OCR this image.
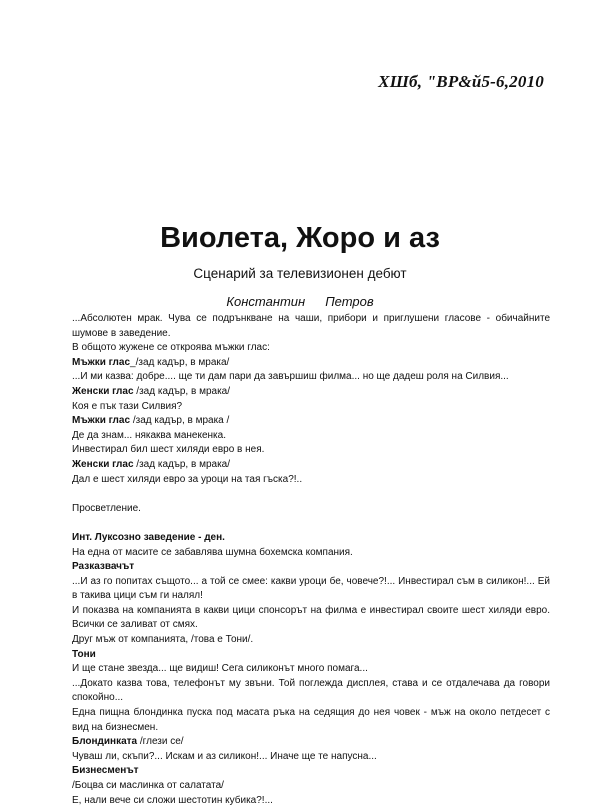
ХШб, "ВР&й5-6,2010
Виолета, Жоро и аз
Сценарий за телевизионен дебют
Константин Петров

...Абсолютен мрак. Чува се подрънкване на чаши, прибори и приглушени гласове - обичайните шумове в заведение.

В общото жужене се откроява мъжки глас:

Мъжки глас_/зад кадър, в мрака/

...И ми казва: добре.... ще ти дам пари да завършиш филма... но ще дадеш роля на Силвия...

Женски глас /зад кадър, в мрака/

Коя е пък тази Силвия?

Мъжки глас /зад кадър, в мрака /

Де да знам... някаква манекенка.

Инвестирал бил шест хиляди евро в нея.

Женски глас /зад кадър, в мрака/

Дал е шест хиляди евро за уроци на тая гъска?!..

Просветление.

Инт. Луксозно заведение - ден.

На една от масите се забавлява шумна бохемска компания.

Разказвачът

...И аз го попитах същото... а той се смее: какви уроци бе, човече?!... Инвестирал съм в силикон!... Ей в такива цици съм ги налял!

И показва на компанията в какви цици спонсорът на филма е инвестирал своите шест хиляди евро. Всички се заливат от смях.

Друг мъж от компанията, /това е Тони/.

Тони

И ще стане звезда... ще видиш! Сега силиконът много помага...

...Докато казва това, телефонът му звъни. Той поглежда дисплея, става и се отдалечава да говори спокойно...

Една пищна блондинка пуска под масата ръка на седящия до нея човек - мъж на около петдесет с вид на бизнесмен.

Блондинката /глези се/

Чуваш ли, скъпи?... Искам и аз силикон!... Иначе ще те напусна...

Бизнесменът

/Боцва си маслинка от салатата/

Е, нали вече си сложи шестотин кубика?!...
